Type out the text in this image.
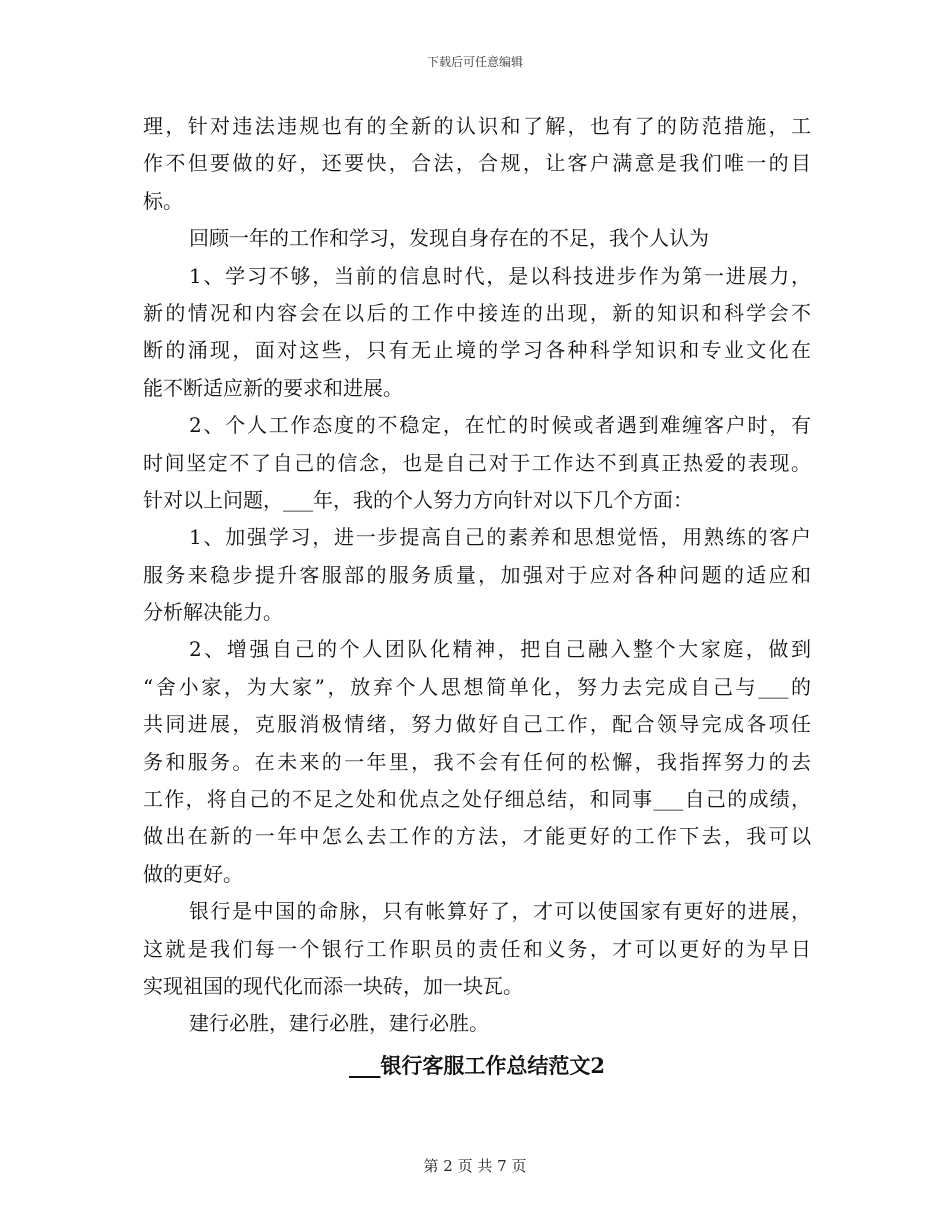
下载后可任意编辑
理，针对违法违规也有的全新的认识和了解，也有了的防范措施，工
作不但要做的好，还要快，合法，合规，让客户满意是我们唯一的目
标。
回顾一年的工作和学习，发现自身存在的不足，我个人认为
1、学习不够，当前的信息时代，是以科技进步作为第一进展力，
新的情况和内容会在以后的工作中接连的出现，新的知识和科学会不
断的涌现，面对这些，只有无止境的学习各种科学知识和专业文化在
能不断适应新的要求和进展。
2、个人工作态度的不稳定，在忙的时候或者遇到难缠客户时，有
时间坚定不了自己的信念，也是自己对于工作达不到真正热爱的表现。
针对以上问题，___年，我的个人努力方向针对以下几个方面：
1、加强学习，进一步提高自己的素养和思想觉悟，用熟练的客户
服务来稳步提升客服部的服务质量，加强对于应对各种问题的适应和
分析解决能力。
2、增强自己的个人团队化精神，把自己融入整个大家庭，做到
“舍小家，为大家”，放弃个人思想简单化，努力去完成自己与___的
共同进展，克服消极情绪，努力做好自己工作，配合领导完成各项任
务和服务。在未来的一年里，我不会有任何的松懈，我指挥努力的去
工作，将自己的不足之处和优点之处仔细总结，和同事___自己的成绩，
做出在新的一年中怎么去工作的方法，才能更好的工作下去，我可以
做的更好。
银行是中国的命脉，只有帐算好了，才可以使国家有更好的进展，
这就是我们每一个银行工作职员的责任和义务，才可以更好的为早日
实现祖国的现代化而添一块砖，加一块瓦。
建行必胜，建行必胜，建行必胜。
___银行客服工作总结范文2
第 2 页 共 7 页
